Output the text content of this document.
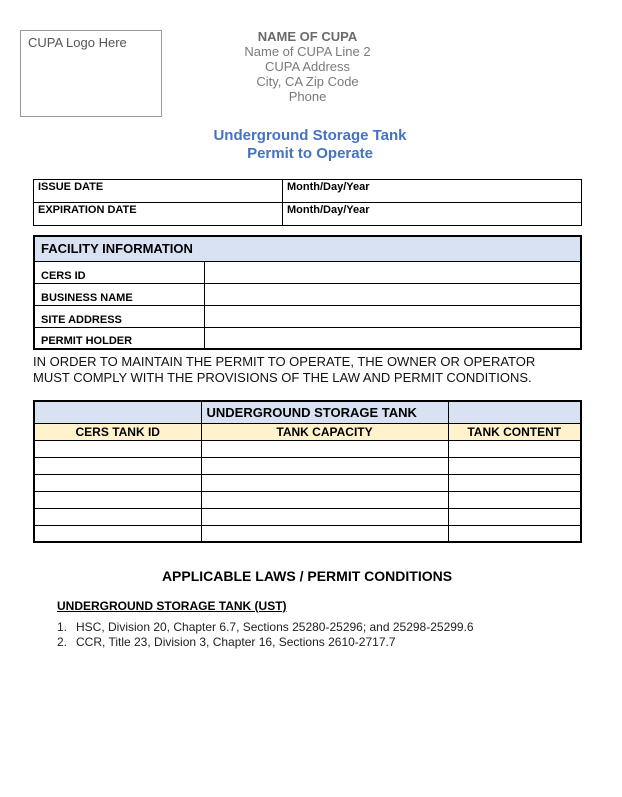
CUPA Logo Here	NAME OF CUPA
Name of CUPA Line 2
CUPA Address
City, CA Zip Code
Phone
Underground Storage Tank
Permit to Operate
ISSUE DATE	Month/Day/Year
EXPIRATION DATE	Month/Day/Year
FACILITY INFORMATION	
CERS ID	
BUSINESS NAME	
SITE ADDRESS	
PERMIT HOLDER	
IN ORDER TO MAINTAIN THE PERMIT TO OPERATE, THE OWNER OR OPERATOR
MUST COMPLY WITH THE PROVISIONS OF THE LAW AND PERMIT CONDITIONS.
	UNDERGROUND STORAGE TANK	
CERS TANK ID	TANK CAPACITY	TANK CONTENT

APPLICABLE LAWS / PERMIT CONDITIONS
UNDERGROUND STORAGE TANK (UST)
1. HSC, Division 20, Chapter 6.7, Sections 25280-25296; and 25298-25299.6
2. CCR, Title 23, Division 3, Chapter 16, Sections 2610-2717.7
